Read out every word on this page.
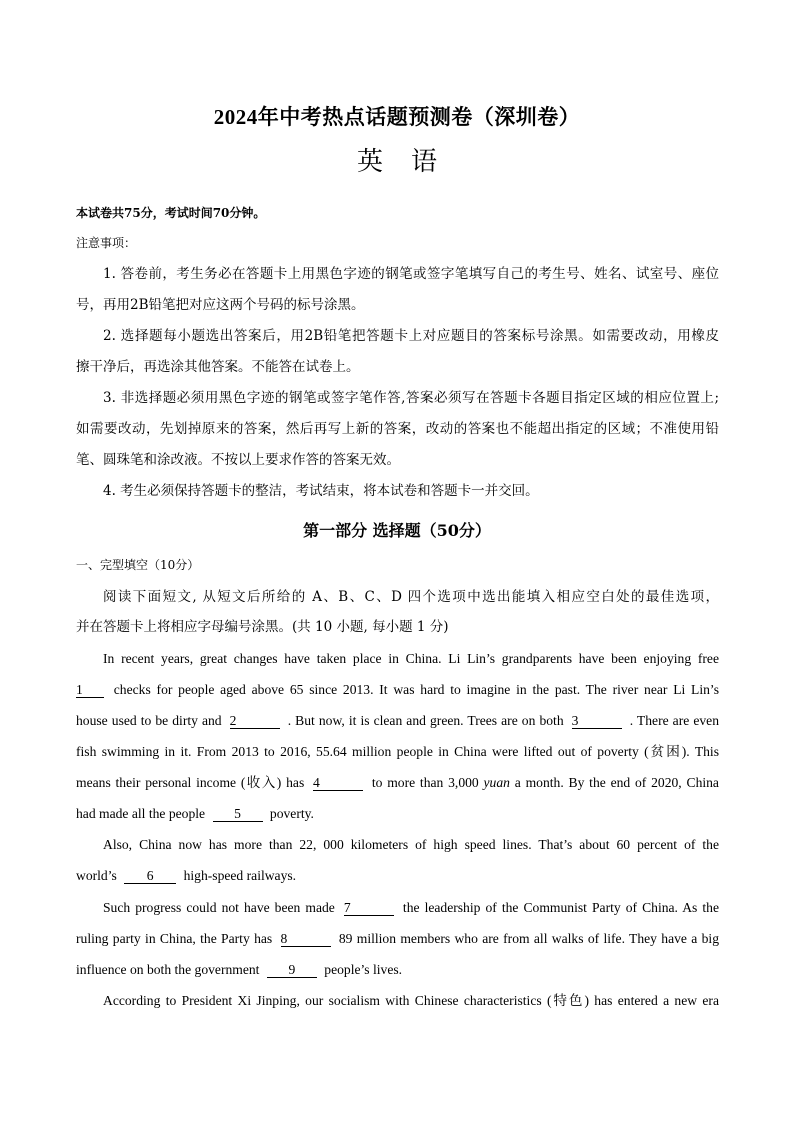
2024年中考热点话题预测卷（深圳卷）
英 语
本试卷共75分，考试时间70分钟。
注意事项：
1. 答卷前，考生务必在答题卡上用黑色字迹的钢笔或签字笔填写自己的考生号、姓名、试室号、座位
号，再用2B铅笔把对应这两个号码的标号涂黑。
2. 选择题每小题选出答案后，用2B铅笔把答题卡上对应题目的答案标号涂黑。如需要改动，用橡皮
擦干净后，再选涂其他答案。不能答在试卷上。
3. 非选择题必须用黑色字迹的钢笔或签字笔作答,答案必须写在答题卡各题目指定区域的相应位置上;
如需要改动，先划掉原来的答案，然后再写上新的答案，改动的答案也不能超出指定的区域；不准使用铅
笔、圆珠笔和涂改液。不按以上要求作答的答案无效。
4. 考生必须保持答题卡的整洁，考试结束，将本试卷和答题卡一并交回。
第一部分 选择题（50分）
一、完型填空（10分）
阅读下面短文, 从短文后所给的 A、B、C、D 四个选项中选出能填入相应空白处的最佳选项，
并在答题卡上将相应字母编号涂黑。(共 10 小题, 每小题 1 分)
In recent years, great changes have taken place in China. Li Lin’s grandparents have been enjoying free
1 checks for people aged above 65 since 2013. It was hard to imagine in the past. The river near Li Lin’s
house used to be dirty and 2	. But now, it is clean and green. Trees are on both 3	. There are even
fish swimming in it. From 2013 to 2016, 55.64 million people in China were lifted out of poverty (贫困). This
means their personal income (收入) has 4	to more than 3,000 yuan a month. By the end of 2020, China
had made all the people 5 poverty.
Also, China now has more than 22, 000 kilometers of high speed lines. That’s about 60 percent of the
world’s 6 high-speed railways.
Such progress could not have been made 7	the leadership of the Communist Party of China. As the
ruling party in China, the Party has 8	89 million members who are from all walks of life. They have a big
influence on both the government 9 people’s lives.
According to President Xi Jinping, our socialism with Chinese characteristics (特色) has entered a new era
